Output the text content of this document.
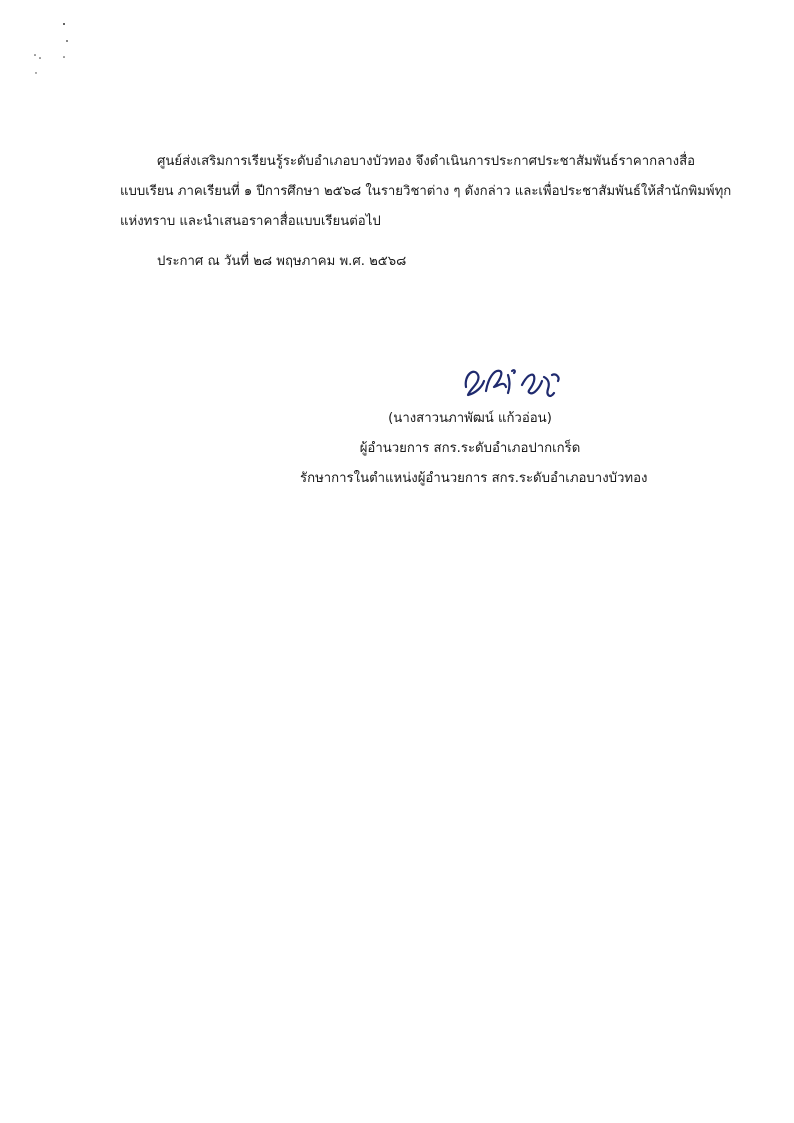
ศูนย์ส่งเสริมการเรียนรู้ระดับอำเภอบางบัวทอง จึงดำเนินการประกาศประชาสัมพันธ์ราคากลางสื่อ
แบบเรียน ภาคเรียนที่ ๑ ปีการศึกษา ๒๕๖๘ ในรายวิชาต่าง ๆ ดังกล่าว และเพื่อประชาสัมพันธ์ให้สำนักพิมพ์ทุก
แห่งทราบ และนำเสนอราคาสื่อแบบเรียนต่อไป
ประกาศ ณ วันที่ ๒๘ พฤษภาคม พ.ศ. ๒๕๖๘
(นางสาวนภาพัฒน์ แก้วอ่อน)
ผู้อำนวยการ สกร.ระดับอำเภอปากเกร็ด
รักษาการในตำแหน่งผู้อำนวยการ สกร.ระดับอำเภอบางบัวทอง
